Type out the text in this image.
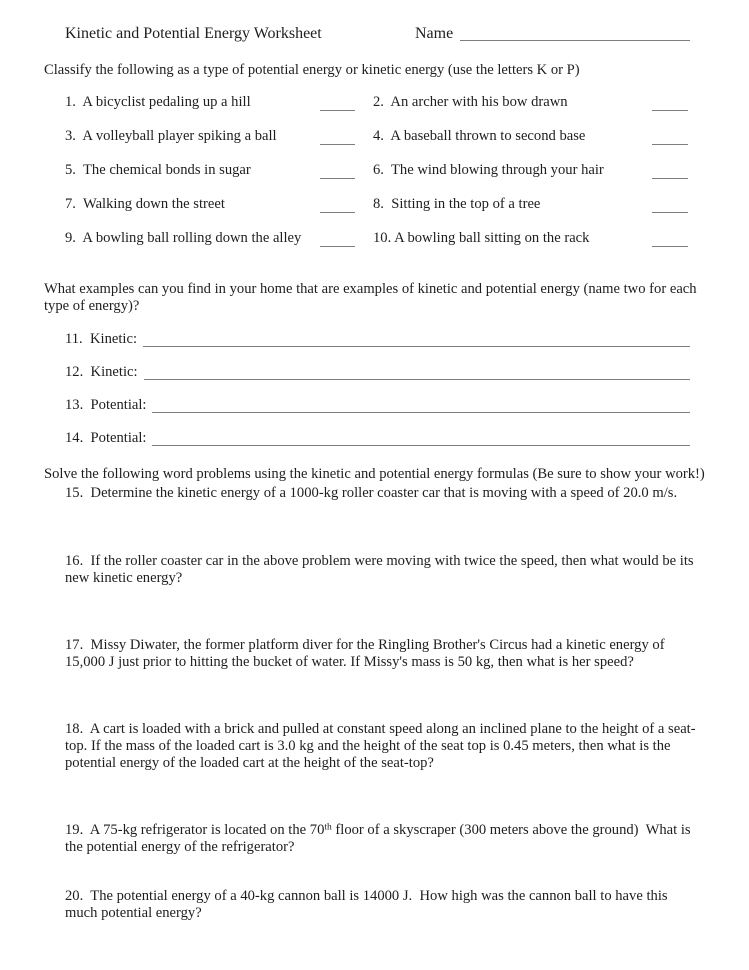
Kinetic and Potential Energy Worksheet	Name

Classify the following as a type of potential energy or kinetic energy (use the letters K or P)

1.  A bicyclist pedaling up a hill	2.  An archer with his bow drawn
3.  A volleyball player spiking a ball	4.  A baseball thrown to second base
5.  The chemical bonds in sugar	6.  The wind blowing through your hair
7.  Walking down the street	8.  Sitting in the top of a tree
9.  A bowling ball rolling down the alley	10. A bowling ball sitting on the rack
What examples can you find in your home that are examples of kinetic and potential energy (name two for each
type of energy)?
11.  Kinetic:
12.  Kinetic:
13.  Potential:
14.  Potential:

Solve the following word problems using the kinetic and potential energy formulas (Be sure to show your work!)

15.  Determine the kinetic energy of a 1000-kg roller coaster car that is moving with a speed of 20.0 m/s.
16.  If the roller coaster car in the above problem were moving with twice the speed, then what would be its
new kinetic energy?
17.  Missy Diwater, the former platform diver for the Ringling Brother's Circus had a kinetic energy of
15,000 J just prior to hitting the bucket of water. If Missy's mass is 50 kg, then what is her speed?
18.  A cart is loaded with a brick and pulled at constant speed along an inclined plane to the height of a seat-
top. If the mass of the loaded cart is 3.0 kg and the height of the seat top is 0.45 meters, then what is the
potential energy of the loaded cart at the height of the seat-top?
19.  A 75-kg refrigerator is located on the 70th floor of a skyscraper (300 meters above the ground)  What is
the potential energy of the refrigerator?
20.  The potential energy of a 40-kg cannon ball is 14000 J.  How high was the cannon ball to have this
much potential energy?
